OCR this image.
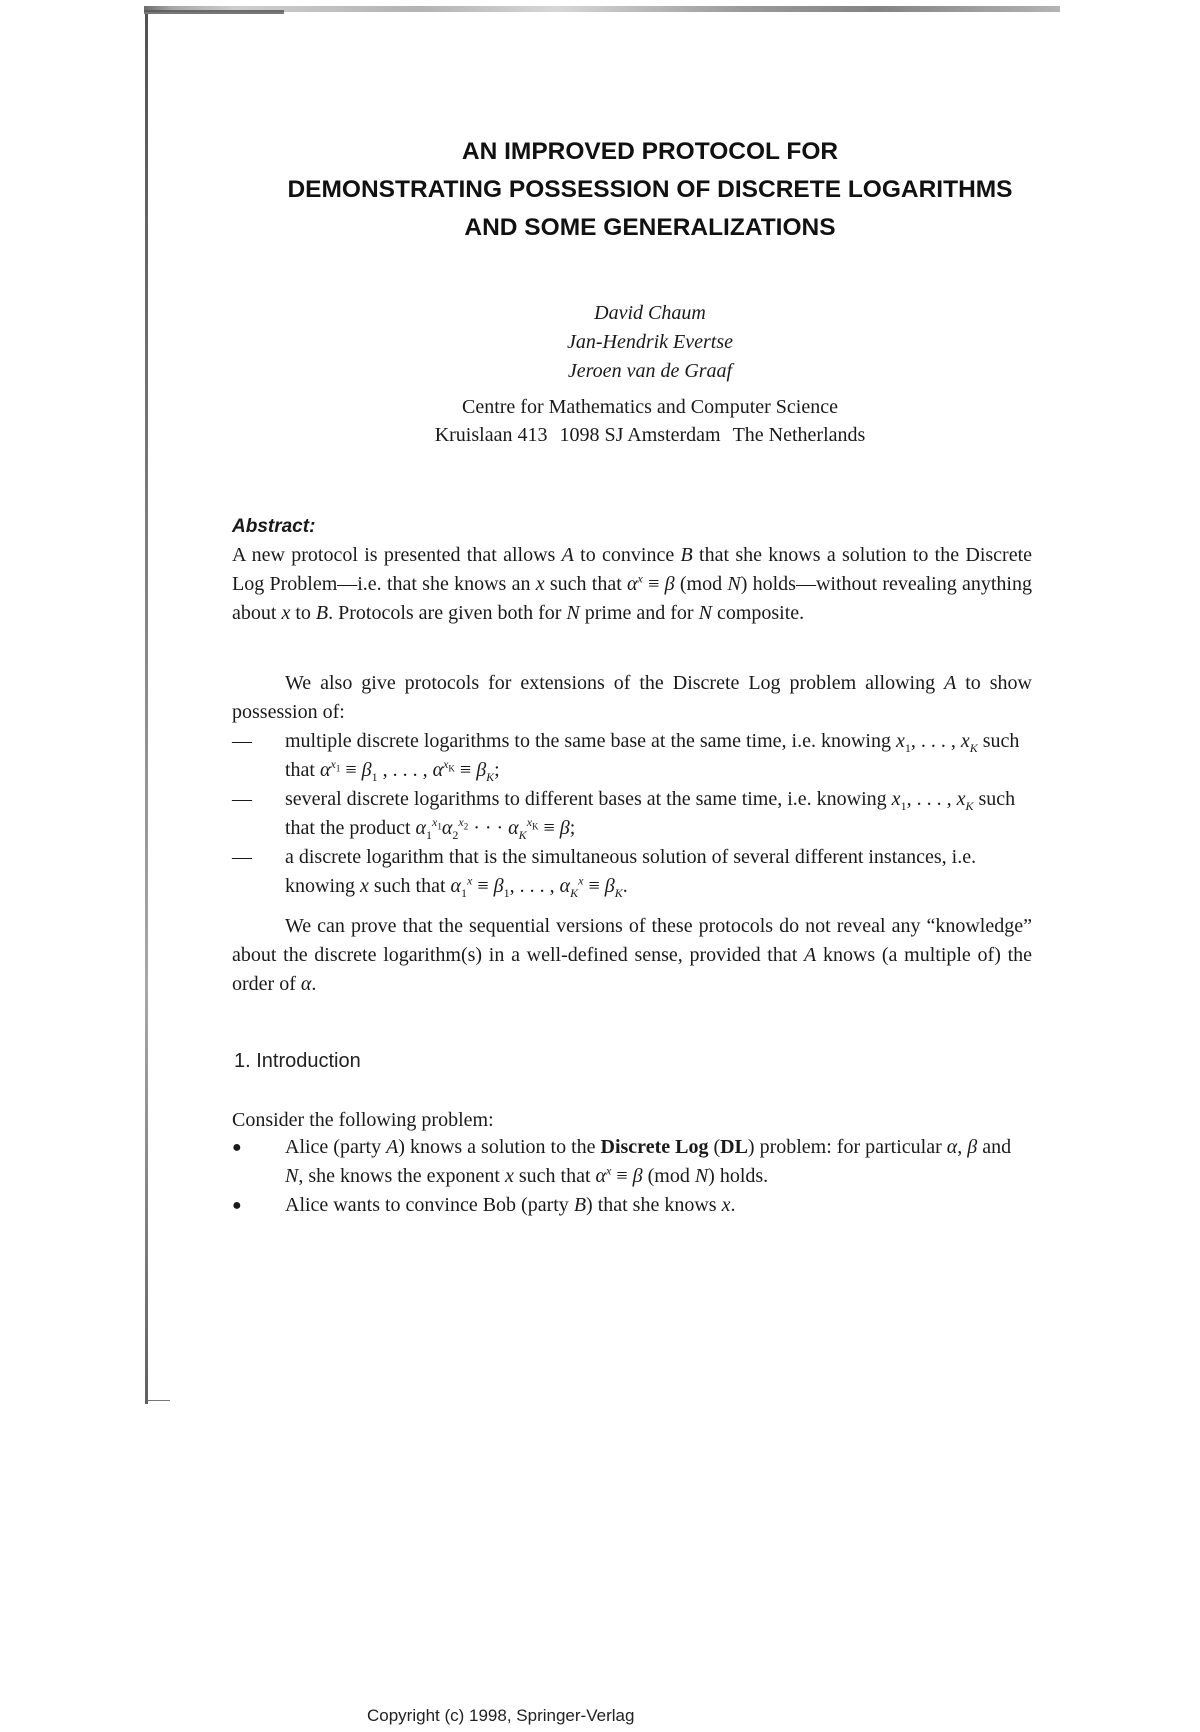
AN IMPROVED PROTOCOL FOR
DEMONSTRATING POSSESSION OF DISCRETE LOGARITHMS
AND SOME GENERALIZATIONS
David Chaum
Jan-Hendrik Evertse
Jeroen van de Graaf
Centre for Mathematics and Computer Science
Kruislaan 413 1098 SJ Amsterdam The Netherlands
Abstract:
A new protocol is presented that allows A to convince B that she knows a solution to the Discrete Log Problem—i.e. that she knows an x such that $\alpha^x \equiv \beta$ (mod N) holds—without revealing anything about x to B. Protocols are given both for N prime and for N composite.
We also give protocols for extensions of the Discrete Log problem allowing A to show possession of:
—	multiple discrete logarithms to the same base at the same time, i.e. knowing $x_1$, . . . , $x_K$ such that $\alpha^{x_1} \equiv \beta_1$ , . . . , $\alpha^{x_K} \equiv \beta_K$;
—	several discrete logarithms to different bases at the same time, i.e. knowing $x_1$, . . . , $x_K$ such that the product $\alpha_1^{x_1}\alpha_2^{x_2}$ · · · $\alpha_K^{x_K} \equiv \beta$;
—	a discrete logarithm that is the simultaneous solution of several different instances, i.e. knowing x such that $\alpha_1^x \equiv \beta_1$, . . . , $\alpha_K^x \equiv \beta_K$.
We can prove that the sequential versions of these protocols do not reveal any “knowledge” about the discrete logarithm(s) in a well-defined sense, provided that A knows (a multiple of) the order of α.
1. Introduction
Consider the following problem:
●	Alice (party A) knows a solution to the Discrete Log (DL) problem: for particular α, β and N, she knows the exponent x such that $\alpha^x \equiv \beta$ (mod N) holds.
●	Alice wants to convince Bob (party B) that she knows x.
Copyright (c) 1998, Springer-Verlag
